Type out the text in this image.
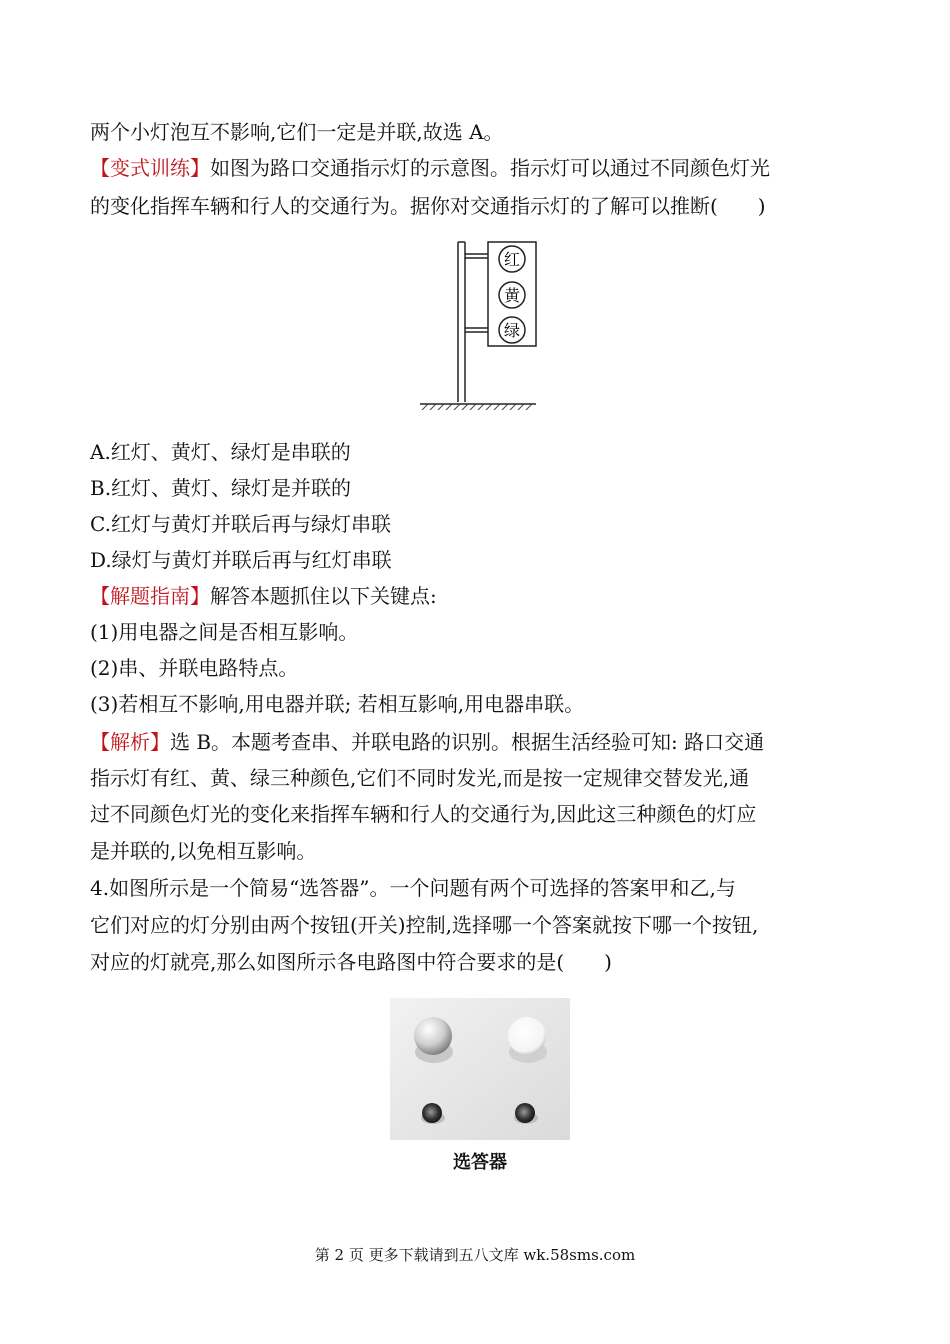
两个小灯泡互不影响,它们一定是并联,故选 A。
【变式训练】如图为路口交通指示灯的示意图。指示灯可以通过不同颜色灯光
的变化指挥车辆和行人的交通行为。据你对交通指示灯的了解可以推断(　　)
红
黄
绿
A.红灯、黄灯、绿灯是串联的
B.红灯、黄灯、绿灯是并联的
C.红灯与黄灯并联后再与绿灯串联
D.绿灯与黄灯并联后再与红灯串联
【解题指南】解答本题抓住以下关键点:
(1)用电器之间是否相互影响。
(2)串、并联电路特点。
(3)若相互不影响,用电器并联; 若相互影响,用电器串联。
【解析】选 B。本题考查串、并联电路的识别。根据生活经验可知: 路口交通
指示灯有红、黄、绿三种颜色,它们不同时发光,而是按一定规律交替发光,通
过不同颜色灯光的变化来指挥车辆和行人的交通行为,因此这三种颜色的灯应
是并联的,以免相互影响。
4.如图所示是一个简易“选答器”。一个问题有两个可选择的答案甲和乙,与
它们对应的灯分别由两个按钮(开关)控制,选择哪一个答案就按下哪一个按钮,
对应的灯就亮,那么如图所示各电路图中符合要求的是(　　)
选答器
第 2 页 更多下载请到五八文库 wk.58sms.com
